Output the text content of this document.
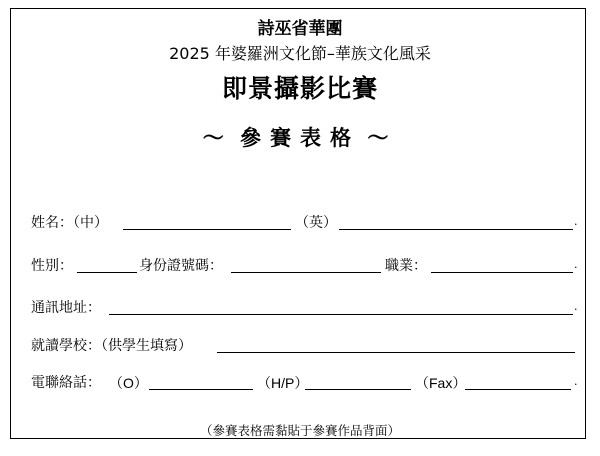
詩巫省華團
2025 年婆羅洲文化節–華族文化風采
即景攝影比賽
～ 參賽表格 ～
姓名：（中）	（英）	.
性別：	身份證號碼：	職業：	.
通訊地址：	.
就讀學校：（供學生填寫）
電聯絡話： （O）	（H/P）	（Fax）	.
（參賽表格需黏貼于參賽作品背面）
